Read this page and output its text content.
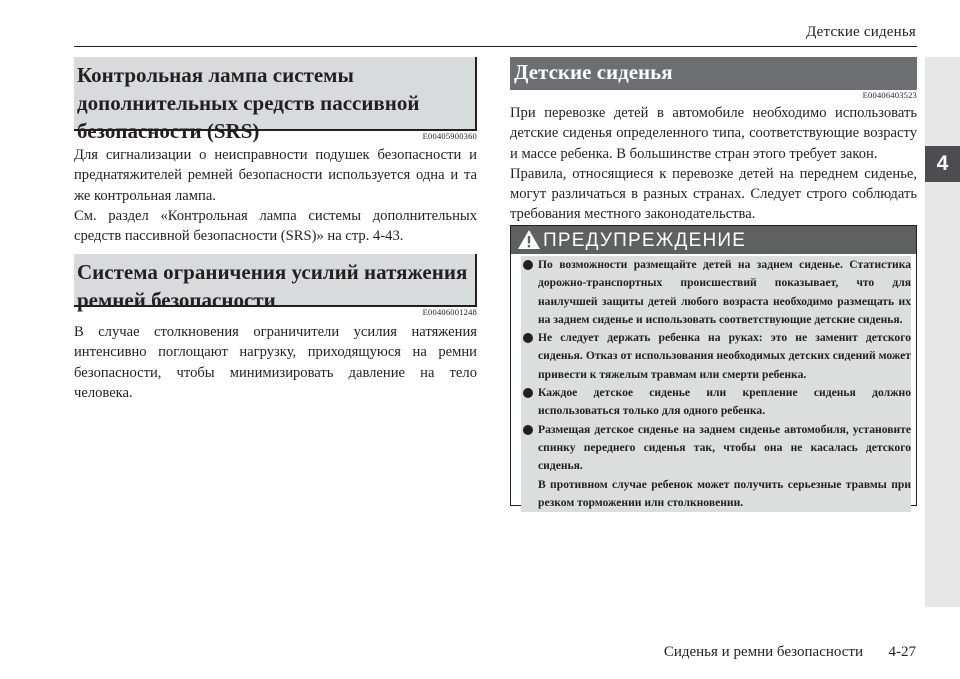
Детские сиденья
4
Контрольная лампа системы
дополнительных средств пассивной
безопасности (SRS)	E00405900360

Для сигнализации о неисправности подушек безопасности и преднатяжителей ремней безопасности используется одна и та же контрольная лампа.

См. раздел «Контрольная лампа системы дополнительных средств пассивной безопасности (SRS)» на стр. 4-43.

Система ограничения усилий натяжения
ремней безопасности	E00406001248

В случае столкновения ограничители усилия натяжения интенсивно поглощают нагрузку, приходящуюся на ремни безопасности, чтобы минимизировать давление на тело человека.

Детские сиденья
E00406403523

При перевозке детей в автомобиле необходимо использовать детские сиденья определенного типа, соответствующие возрасту и массе ребенка. В большинстве стран этого требует закон.

Правила, относящиеся к перевозке детей на переднем сиденье, могут различаться в разных странах. Следует строго соблюдать требования местного законодательства.

ПРЕДУПРЕЖДЕНИЕ

По возможности размещайте детей на заднем сиденье. Статистика дорожно-транспортных происшествий показывает, что для наилучшей защиты детей любого возраста необходимо размещать их на заднем сиденье и использовать соответствующие детские сиденья.

Не следует держать ребенка на руках: это не заменит детского сиденья. Отказ от использования необходимых детских сидений может привести к тяжелым травмам или смерти ребенка.

Каждое детское сиденье или крепление сиденья должно использоваться только для одного ребенка.

Размещая детское сиденье на заднем сиденье автомобиля, установите спинку переднего сиденья так, чтобы она не касалась детского сиденья.

В противном случае ребенок может получить серьезные травмы при резком торможении или столкновении.

Сиденья и ремни безопасности 4-27
